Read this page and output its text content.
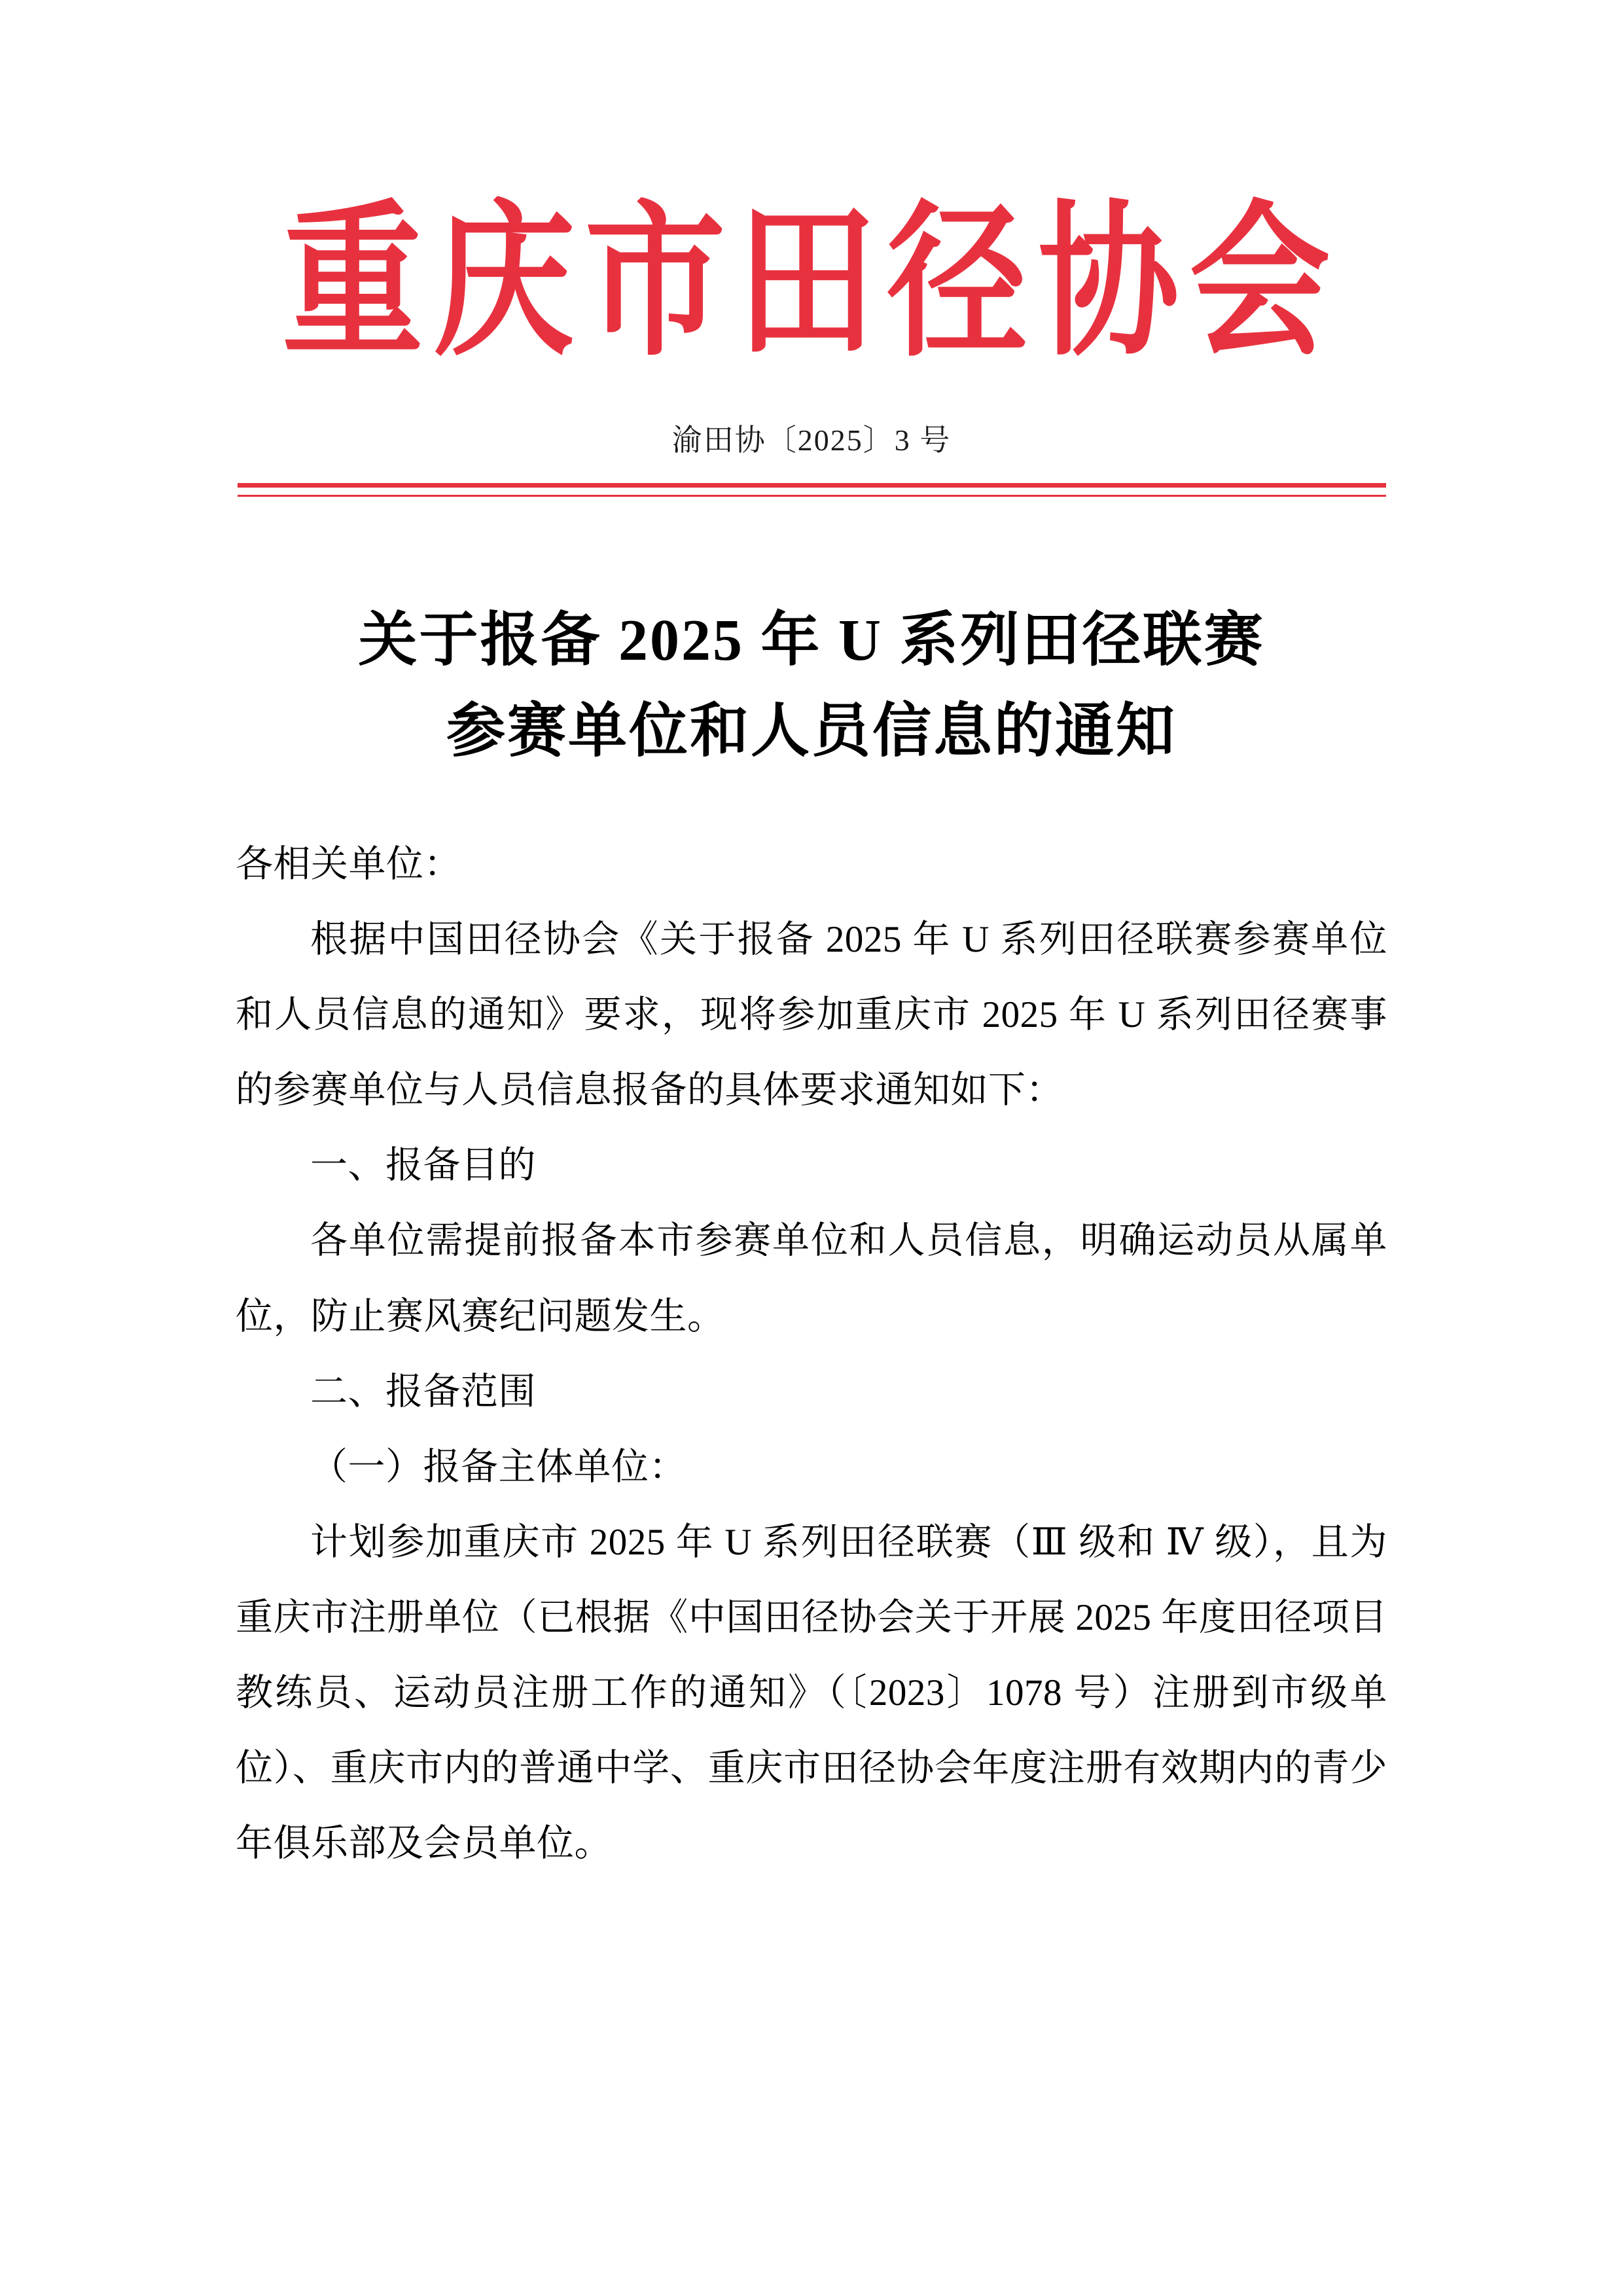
重庆市田径协会
渝田协〔2025〕3 号
关于报备 2025 年 U 系列田径联赛
参赛单位和人员信息的通知

各相关单位：

根据中国田径协会《关于报备 2025 年 U 系列田径联赛参赛单位和人员信息的通知》要求，现将参加重庆市 2025 年 U 系列田径赛事的参赛单位与人员信息报备的具体要求通知如下：

一、报备目的

各单位需提前报备本市参赛单位和人员信息，明确运动员从属单位，防止赛风赛纪问题发生。

二、报备范围

（一）报备主体单位：

计划参加重庆市 2025 年 U 系列田径联赛（Ⅲ 级和 Ⅳ 级），且为重庆市注册单位（已根据《中国田径协会关于开展 2025 年度田径项目教练员、运动员注册工作的通知》（〔2023〕1078 号）注册到市级单位）、重庆市内的普通中学、重庆市田径协会年度注册有效期内的青少年俱乐部及会员单位。
